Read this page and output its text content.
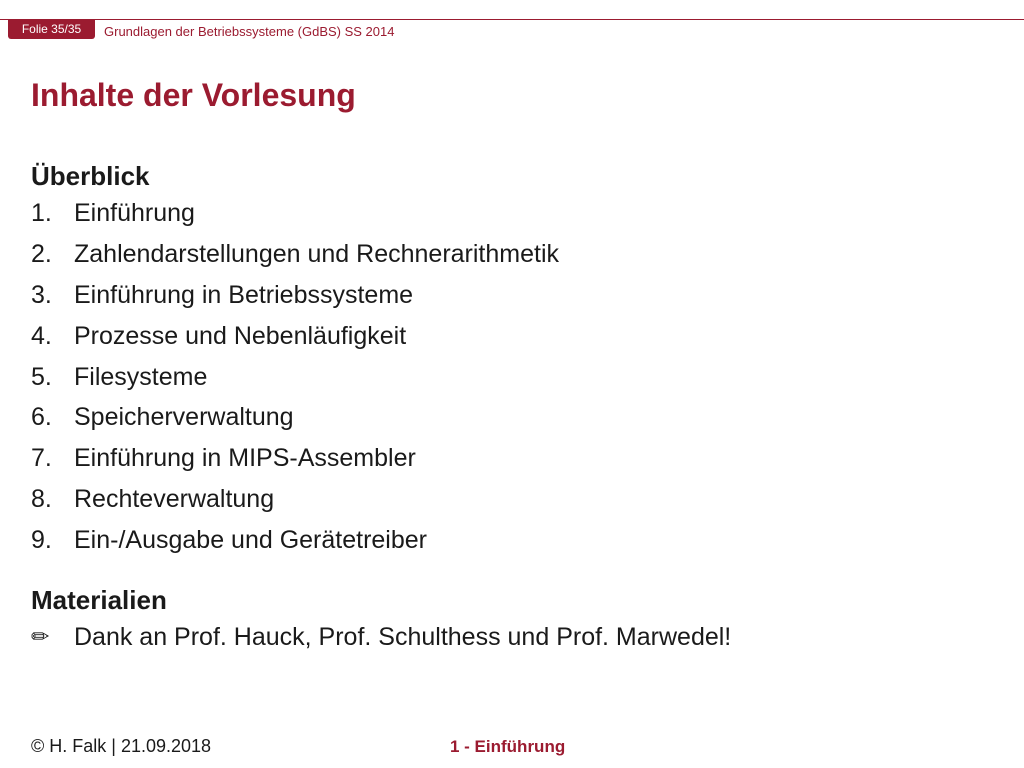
Folie 35/35	Grundlagen der Betriebssysteme (GdBS) SS 2014
Inhalte der Vorlesung
Überblick
1. Einführung
2. Zahlendarstellungen und Rechnerarithmetik
3. Einführung in Betriebssysteme
4. Prozesse und Nebenläufigkeit
5. Filesysteme
6. Speicherverwaltung
7. Einführung in MIPS-Assembler
8. Rechteverwaltung
9. Ein-/Ausgabe und Gerätetreiber
Materialien
✏︎ Dank an Prof. Hauck, Prof. Schulthess und Prof. Marwedel!
© H. Falk | 21.09.2018	1 - Einführung
